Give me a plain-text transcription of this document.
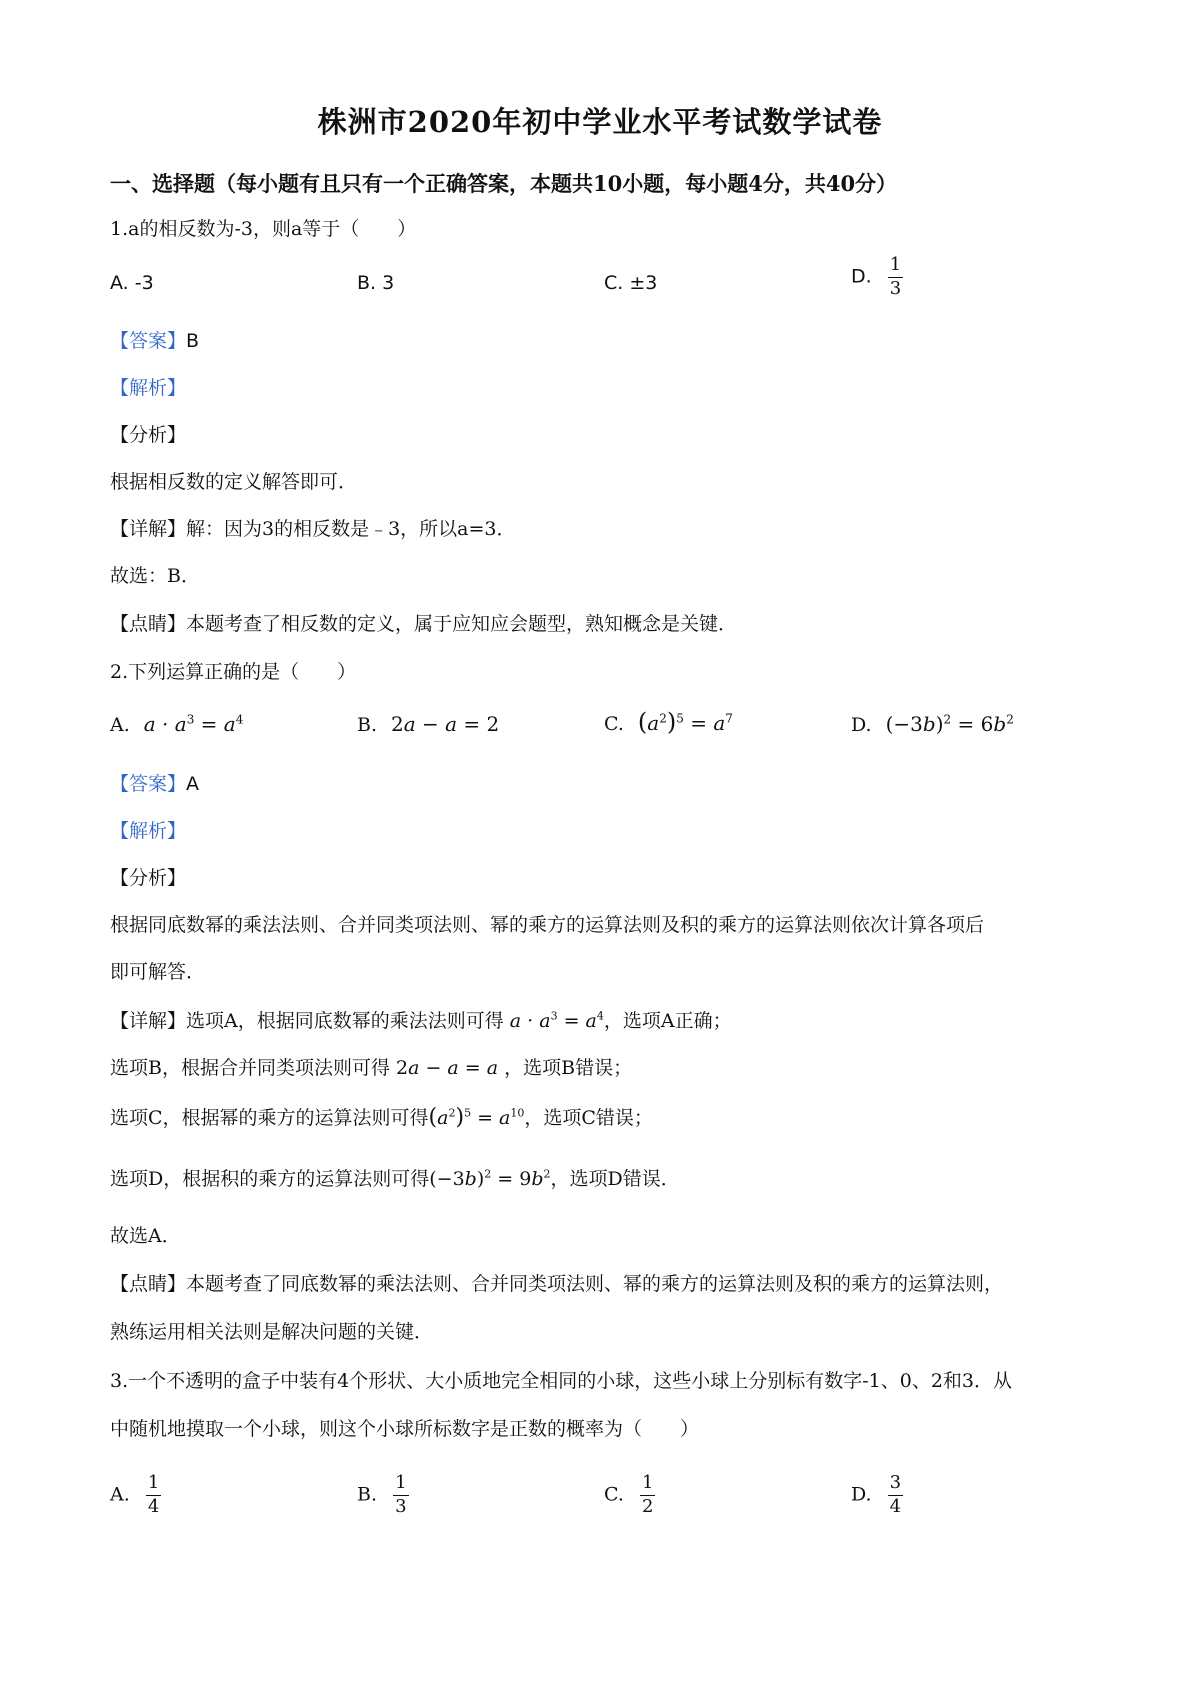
株洲市2020年初中学业水平考试数学试卷
一、选择题（每小题有且只有一个正确答案，本题共10小题，每小题4分，共40分）
1.a的相反数为-3，则a等于（　　）
A. -3	B. 3	C. ±3	D. $\frac{1}{3}$
【答案】B
【解析】
【分析】
根据相反数的定义解答即可．
【详解】解：因为3的相反数是﹣3，所以a=3．
故选：B．
【点睛】本题考查了相反数的定义，属于应知应会题型，熟知概念是关键．
2.下列运算正确的是（　　）
A. $a \cdot a^3 = a^4$	B. 2a − a = 2	C. $(a^2)^5 = a^7$	D. $(-3b)^2 = 6b^2$
【答案】A
【解析】
【分析】
根据同底数幂的乘法法则、合并同类项法则、幂的乘方的运算法则及积的乘方的运算法则依次计算各项后
即可解答．
【详解】选项A，根据同底数幂的乘法法则可得 $a \cdot a^3 = a^4$，选项A正确；
选项B，根据合并同类项法则可得 2a − a = a ，选项B错误；
选项C，根据幂的乘方的运算法则可得$(a^2)^5 = a^{10}$，选项C错误；
选项D，根据积的乘方的运算法则可得$(-3b)^2 = 9b^2$，选项D错误．
故选A．
【点睛】本题考查了同底数幂的乘法法则、合并同类项法则、幂的乘方的运算法则及积的乘方的运算法则，
熟练运用相关法则是解决问题的关键．
3.一个不透明的盒子中装有4个形状、大小质地完全相同的小球，这些小球上分别标有数字-1、0、2和3．从
中随机地摸取一个小球，则这个小球所标数字是正数的概率为（　　）
A. $\frac{1}{4}$	B. $\frac{1}{3}$	C. $\frac{1}{2}$	D. $\frac{3}{4}$
